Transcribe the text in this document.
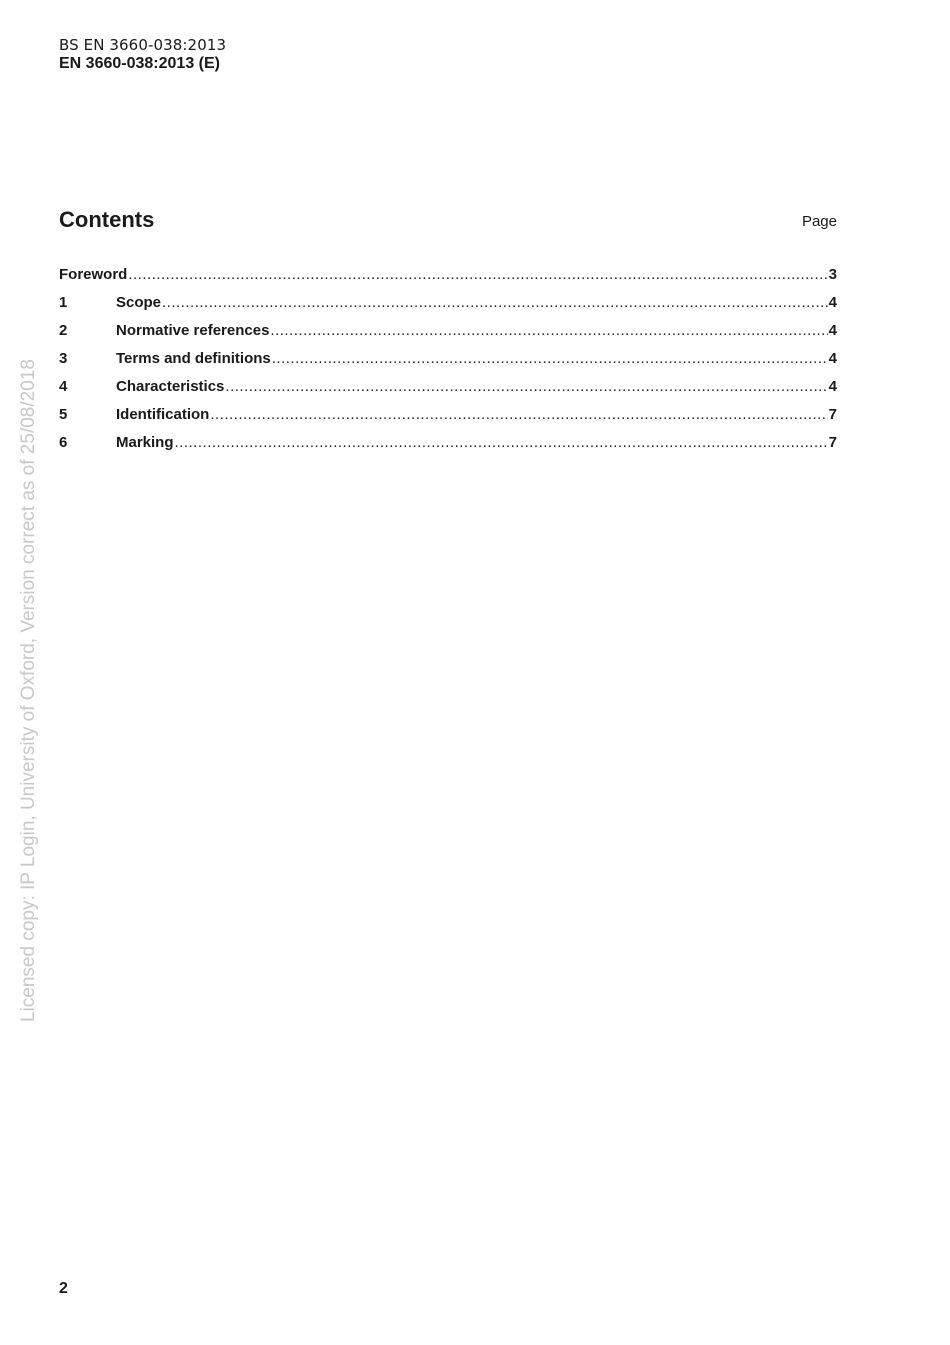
BS EN 3660-038:2013
EN 3660-038:2013 (E)
Contents	Page
Foreword .....	3
1	Scope .....	4
2	Normative references .....	4
3	Terms and definitions .....	4
4	Characteristics .....	4
5	Identification .....	7
6	Marking .....	7
Licensed copy: IP Login, University of Oxford, Version correct as of 25/08/2018
2
